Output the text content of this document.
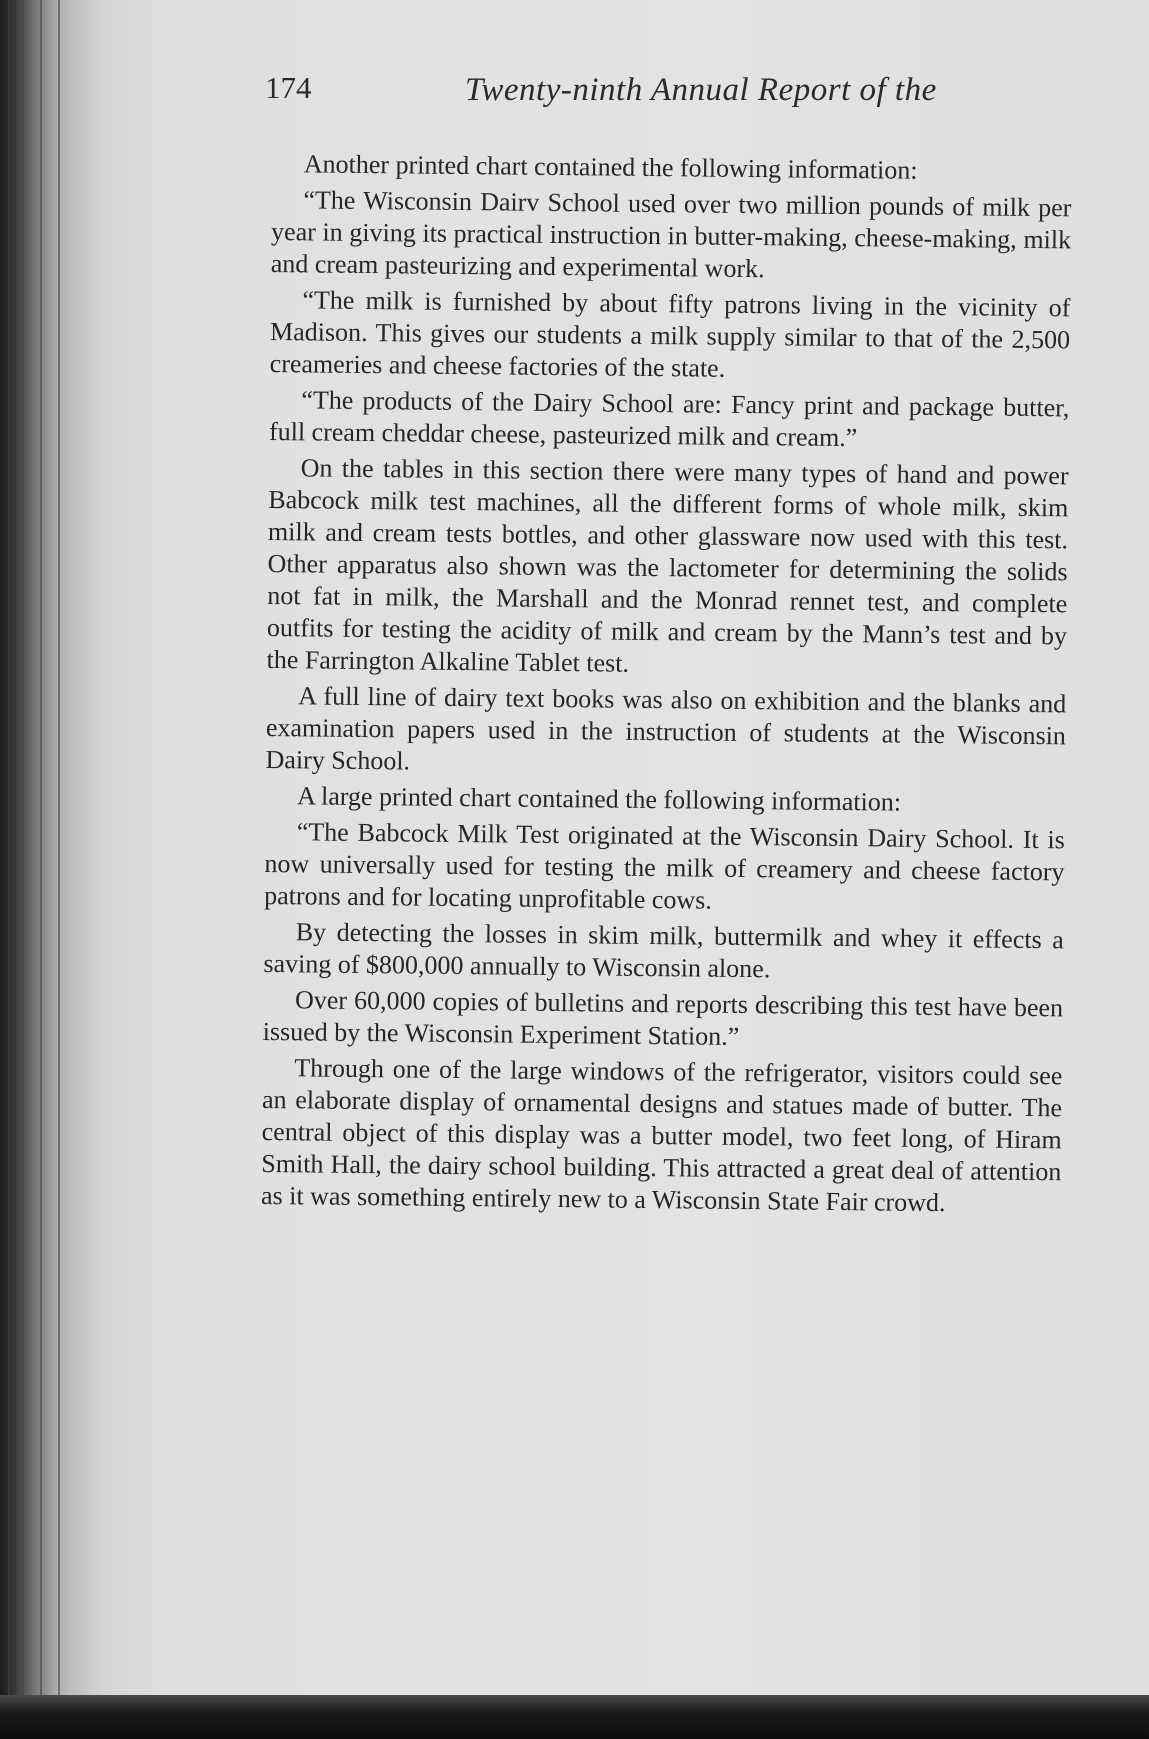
174	Twenty-ninth Annual Report of the

Another printed chart contained the following information:

“The Wisconsin Dairv School used over two million pounds of milk per year in giving its practical instruction in butter-making, cheese-making, milk and cream pasteurizing and experimental work.

“The milk is furnished by about fifty patrons living in the vicinity of Madison. This gives our students a milk supply similar to that of the 2,500 creameries and cheese factories of the state.

“The products of the Dairy School are: Fancy print and package butter, full cream cheddar cheese, pasteurized milk and cream.”

On the tables in this section there were many types of hand and power Babcock milk test machines, all the different forms of whole milk, skim milk and cream tests bottles, and other glassware now used with this test. Other apparatus also shown was the lactometer for determining the solids not fat in milk, the Marshall and the Monrad rennet test, and complete outfits for testing the acidity of milk and cream by the Mann’s test and by the Farrington Alkaline Tablet test.

A full line of dairy text books was also on exhibition and the blanks and examination papers used in the instruction of students at the Wisconsin Dairy School.

A large printed chart contained the following information:

“The Babcock Milk Test originated at the Wisconsin Dairy School. It is now universally used for testing the milk of creamery and cheese factory patrons and for locating unprofitable cows.

By detecting the losses in skim milk, buttermilk and whey it effects a saving of $800,000 annually to Wisconsin alone.

Over 60,000 copies of bulletins and reports describing this test have been issued by the Wisconsin Experiment Station.”

Through one of the large windows of the refrigerator, visitors could see an elaborate display of ornamental designs and statues made of butter. The central object of this display was a butter model, two feet long, of Hiram Smith Hall, the dairy school building. This attracted a great deal of attention as it was something entirely new to a Wisconsin State Fair crowd.
